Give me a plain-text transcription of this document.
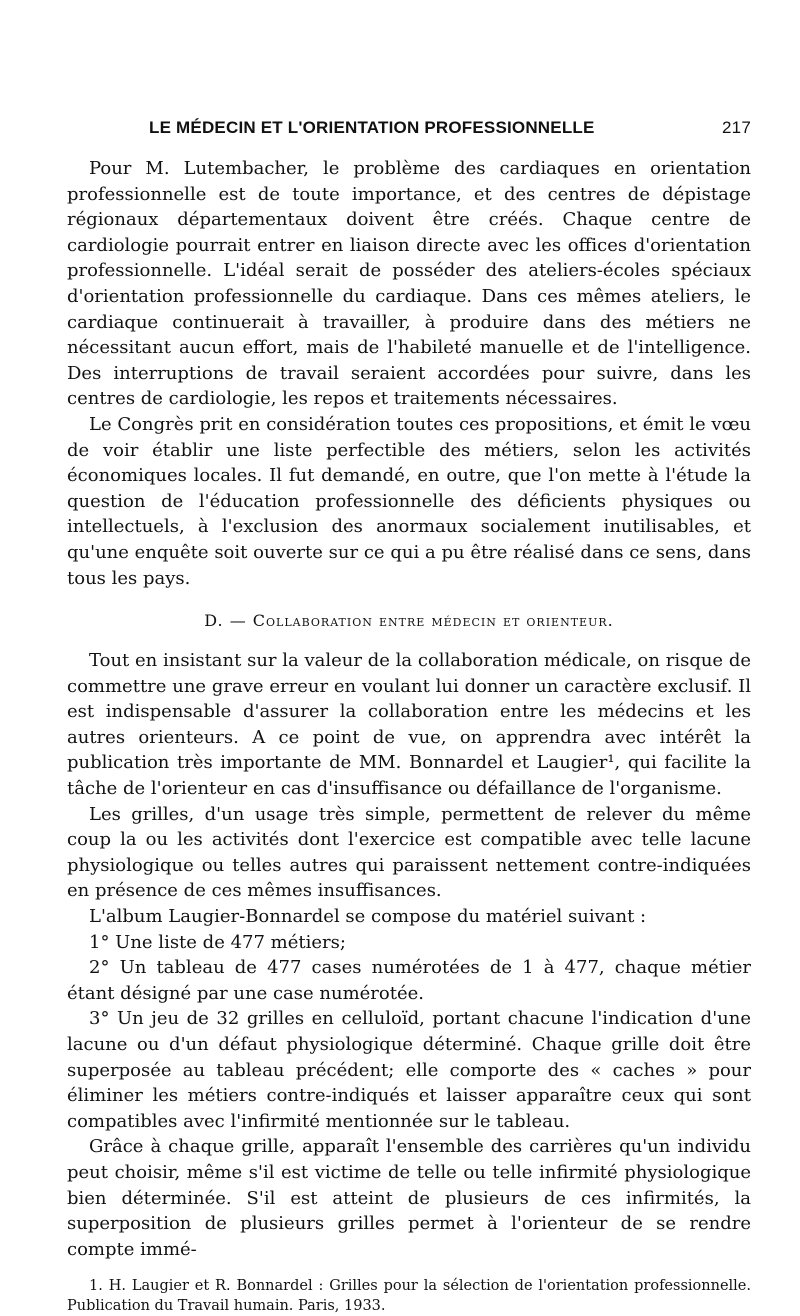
LE MÉDECIN ET L'ORIENTATION PROFESSIONNELLE	217

Pour M. Lutembacher, le problème des cardiaques en orientation professionnelle est de toute importance, et des centres de dépistage régionaux départementaux doivent être créés. Chaque centre de cardiologie pourrait entrer en liaison directe avec les offices d'orientation professionnelle. L'idéal serait de posséder des ateliers-écoles spéciaux d'orientation professionnelle du cardiaque. Dans ces mêmes ateliers, le cardiaque continuerait à travailler, à produire dans des métiers ne nécessitant aucun effort, mais de l'habileté manuelle et de l'intelligence. Des interruptions de travail seraient accordées pour suivre, dans les centres de cardiologie, les repos et traitements nécessaires.

Le Congrès prit en considération toutes ces propositions, et émit le vœu de voir établir une liste perfectible des métiers, selon les activités économiques locales. Il fut demandé, en outre, que l'on mette à l'étude la question de l'éducation professionnelle des déficients physiques ou intellectuels, à l'exclusion des anormaux socialement inutilisables, et qu'une enquête soit ouverte sur ce qui a pu être réalisé dans ce sens, dans tous les pays.

D. — Collaboration entre médecin et orienteur.

Tout en insistant sur la valeur de la collaboration médicale, on risque de commettre une grave erreur en voulant lui donner un caractère exclusif. Il est indispensable d'assurer la collaboration entre les médecins et les autres orienteurs. A ce point de vue, on apprendra avec intérêt la publication très importante de MM. Bonnardel et Laugier¹, qui facilite la tâche de l'orienteur en cas d'insuffisance ou défaillance de l'organisme.

Les grilles, d'un usage très simple, permettent de relever du même coup la ou les activités dont l'exercice est compatible avec telle lacune physiologique ou telles autres qui paraissent nettement contre-indiquées en présence de ces mêmes insuffisances.

L'album Laugier-Bonnardel se compose du matériel suivant :

1° Une liste de 477 métiers;

2° Un tableau de 477 cases numérotées de 1 à 477, chaque métier étant désigné par une case numérotée.

3° Un jeu de 32 grilles en celluloïd, portant chacune l'indication d'une lacune ou d'un défaut physiologique déterminé. Chaque grille doit être superposée au tableau précédent; elle comporte des « caches » pour éliminer les métiers contre-indiqués et laisser apparaître ceux qui sont compatibles avec l'infirmité mentionnée sur le tableau.

Grâce à chaque grille, apparaît l'ensemble des carrières qu'un individu peut choisir, même s'il est victime de telle ou telle infirmité physiologique bien déterminée. S'il est atteint de plusieurs de ces infirmités, la superposition de plusieurs grilles permet à l'orienteur de se rendre compte immé-

1. H. Laugier et R. Bonnardel : Grilles pour la sélection de l'orientation professionnelle. Publication du Travail humain. Paris, 1933.
